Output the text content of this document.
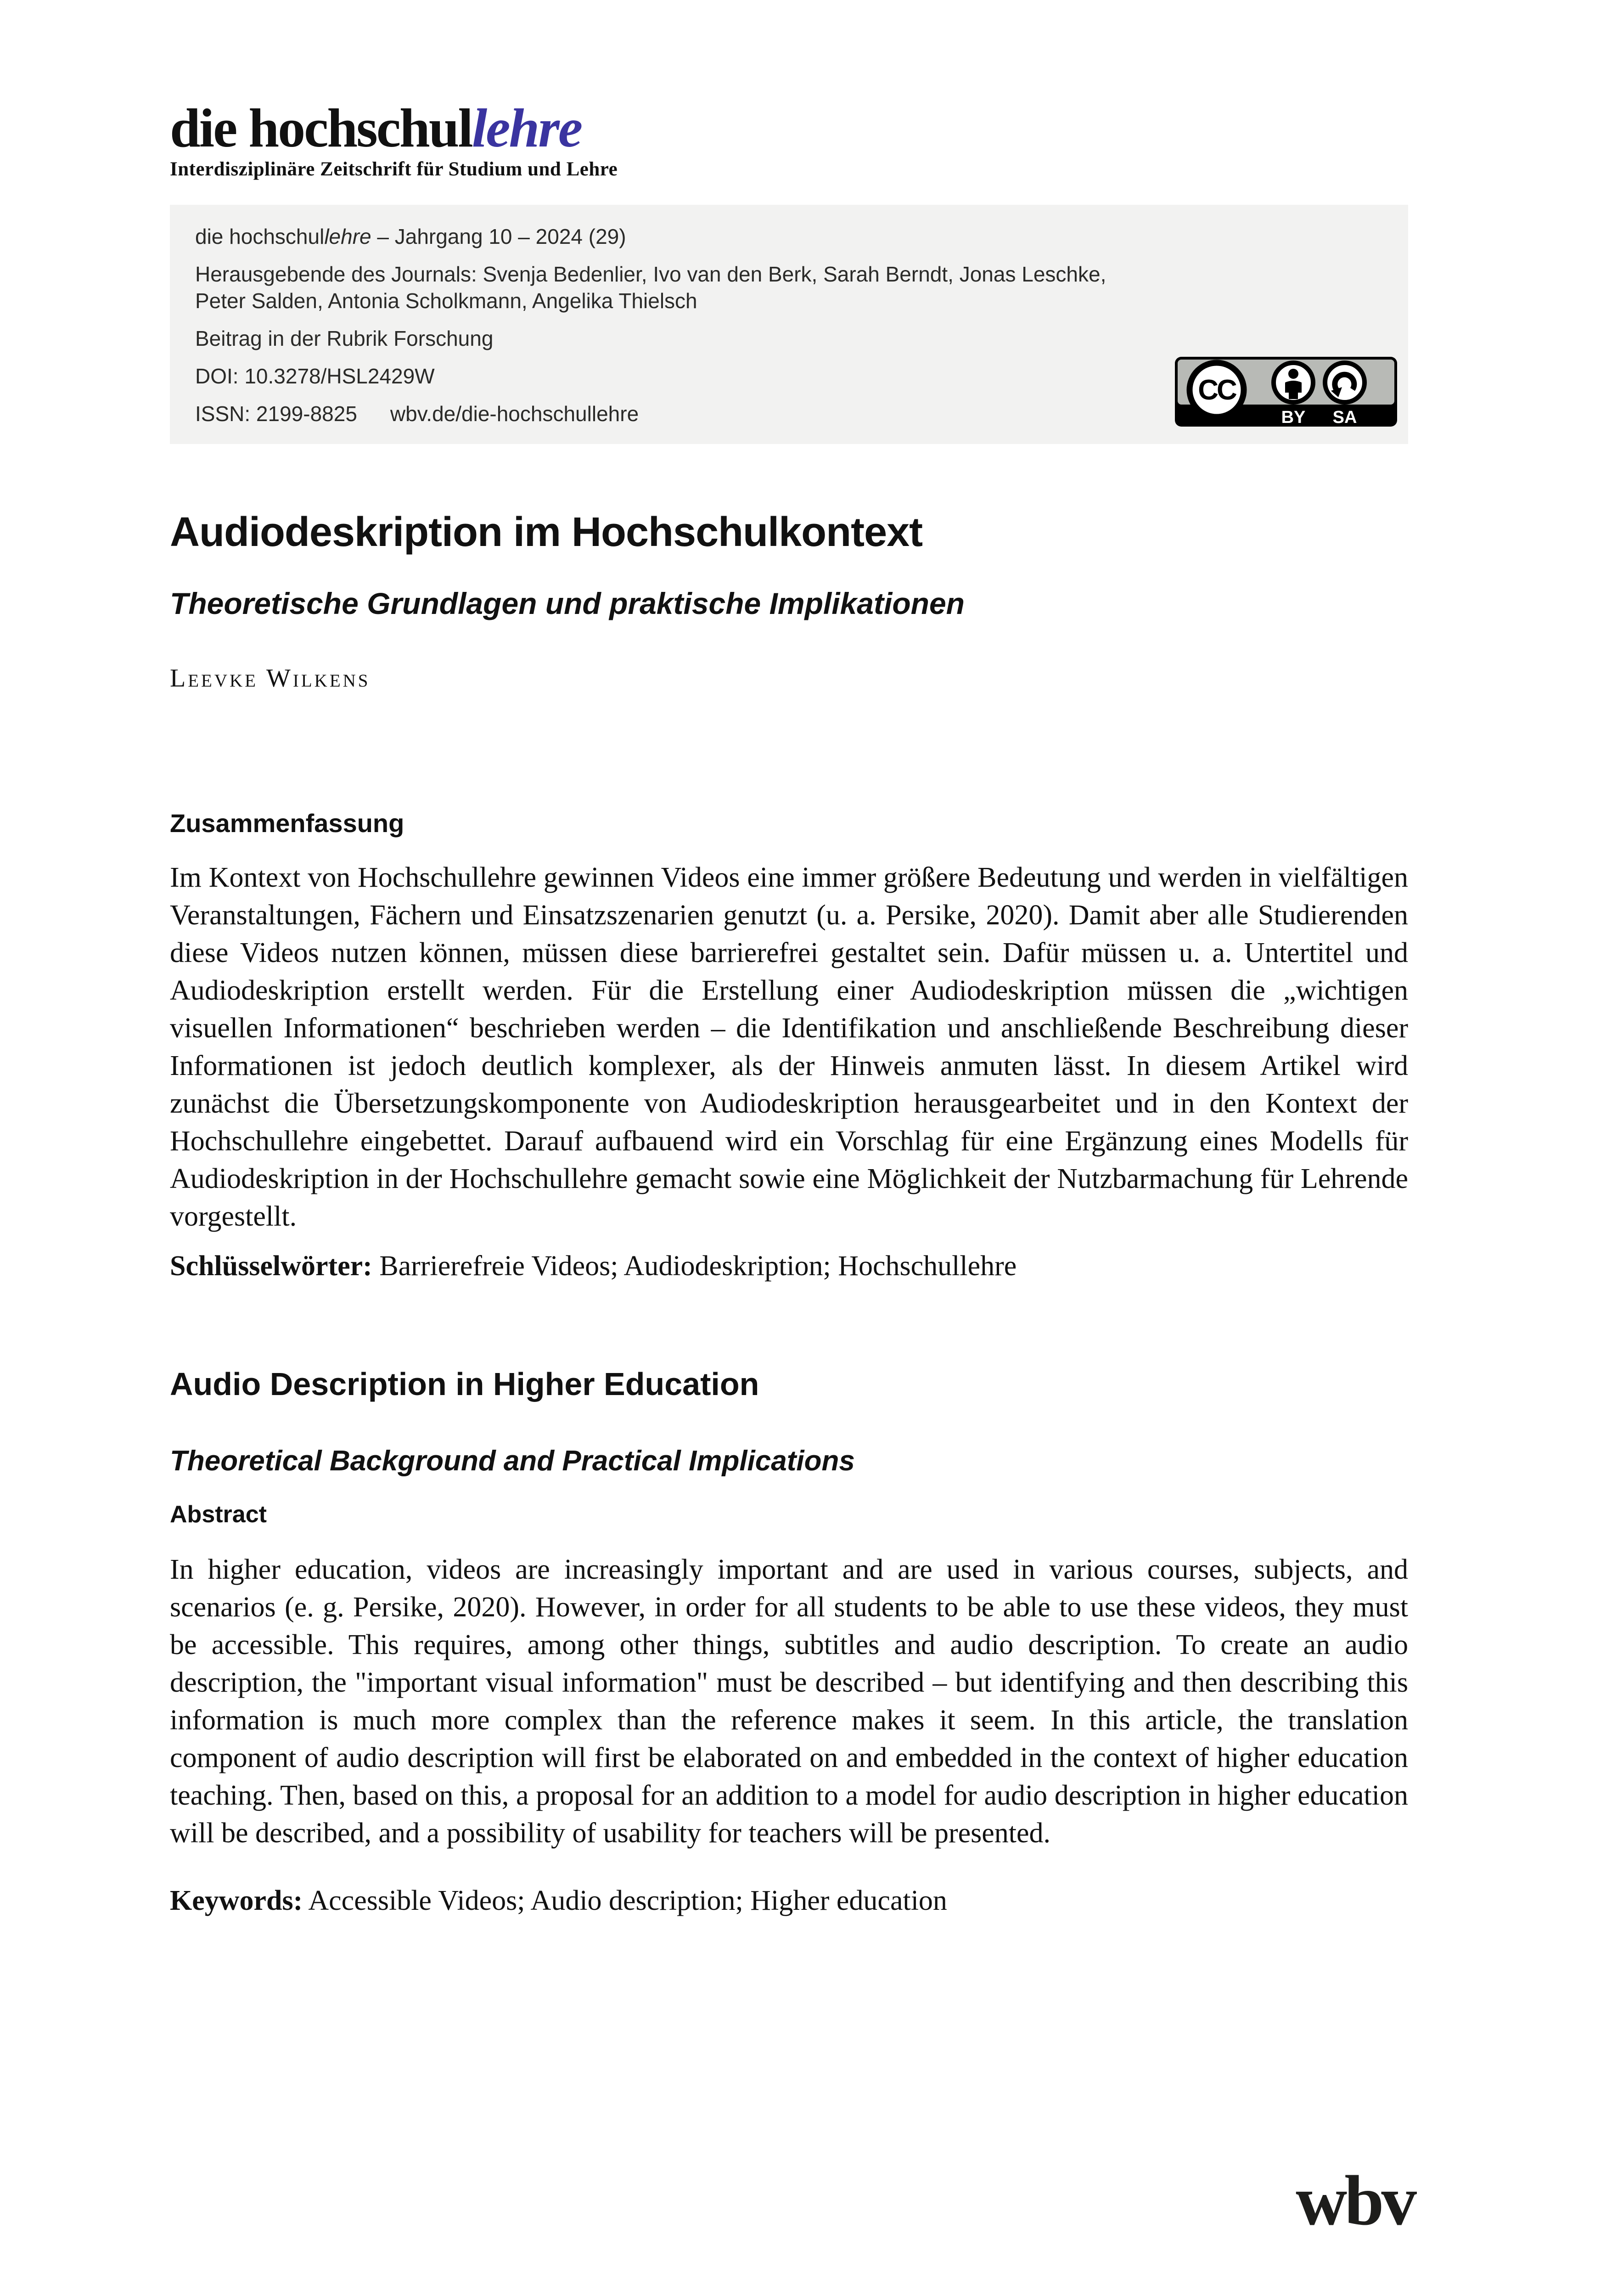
die hochschullehre
Interdisziplinäre Zeitschrift für Studium und Lehre
die hochschullehre – Jahrgang 10 – 2024 (29)
Herausgebende des Journals: Svenja Bedenlier, Ivo van den Berk, Sarah Berndt, Jonas Leschke,
Peter Salden, Antonia Scholkmann, Angelika Thielsch
Beitrag in der Rubrik Forschung
DOI: 10.3278/HSL2429W
ISSN: 2199-8825 wbv.de/die-hochschullehre
CC
BY SA
Audiodeskription im Hochschulkontext
Theoretische Grundlagen und praktische Implikationen
Leevke Wilkens
Zusammenfassung

Im Kontext von Hochschullehre gewinnen Videos eine immer größere Bedeutung und werden in vielfältigen Veranstaltungen, Fächern und Einsatzszenarien genutzt (u. a. Persike, 2020). Damit aber alle Studierenden diese Videos nutzen können, müssen diese barrierefrei gestaltet sein. Dafür müssen u. a. Untertitel und Audiodeskription erstellt werden. Für die Erstellung einer Audiodeskription müssen die „wichtigen visuellen Informationen“ beschrieben werden – die Identifikation und anschließende Beschreibung dieser Informationen ist jedoch deutlich komplexer, als der Hinweis anmuten lässt. In diesem Artikel wird zunächst die Übersetzungskomponente von Audiodeskription herausgearbeitet und in den Kontext der Hochschullehre eingebettet. Darauf aufbauend wird ein Vorschlag für eine Ergänzung eines Modells für Audiodeskription in der Hochschullehre gemacht sowie eine Möglichkeit der Nutzbarmachung für Lehrende vorgestellt.

Schlüsselwörter: Barrierefreie Videos; Audiodeskription; Hochschullehre
Audio Description in Higher Education
Theoretical Background and Practical Implications
Abstract

In higher education, videos are increasingly important and are used in various courses, subjects, and scenarios (e. g. Persike, 2020). However, in order for all students to be able to use these videos, they must be accessible. This requires, among other things, subtitles and audio description. To create an audio description, the "important visual information" must be described – but identifying and then describing this information is much more complex than the reference makes it seem. In this article, the translation component of audio description will first be elaborated on and embedded in the context of higher education teaching. Then, based on this, a proposal for an addition to a model for audio description in higher education will be described, and a possibility of usability for teachers will be presented.

Keywords: Accessible Videos; Audio description; Higher education
wbv
